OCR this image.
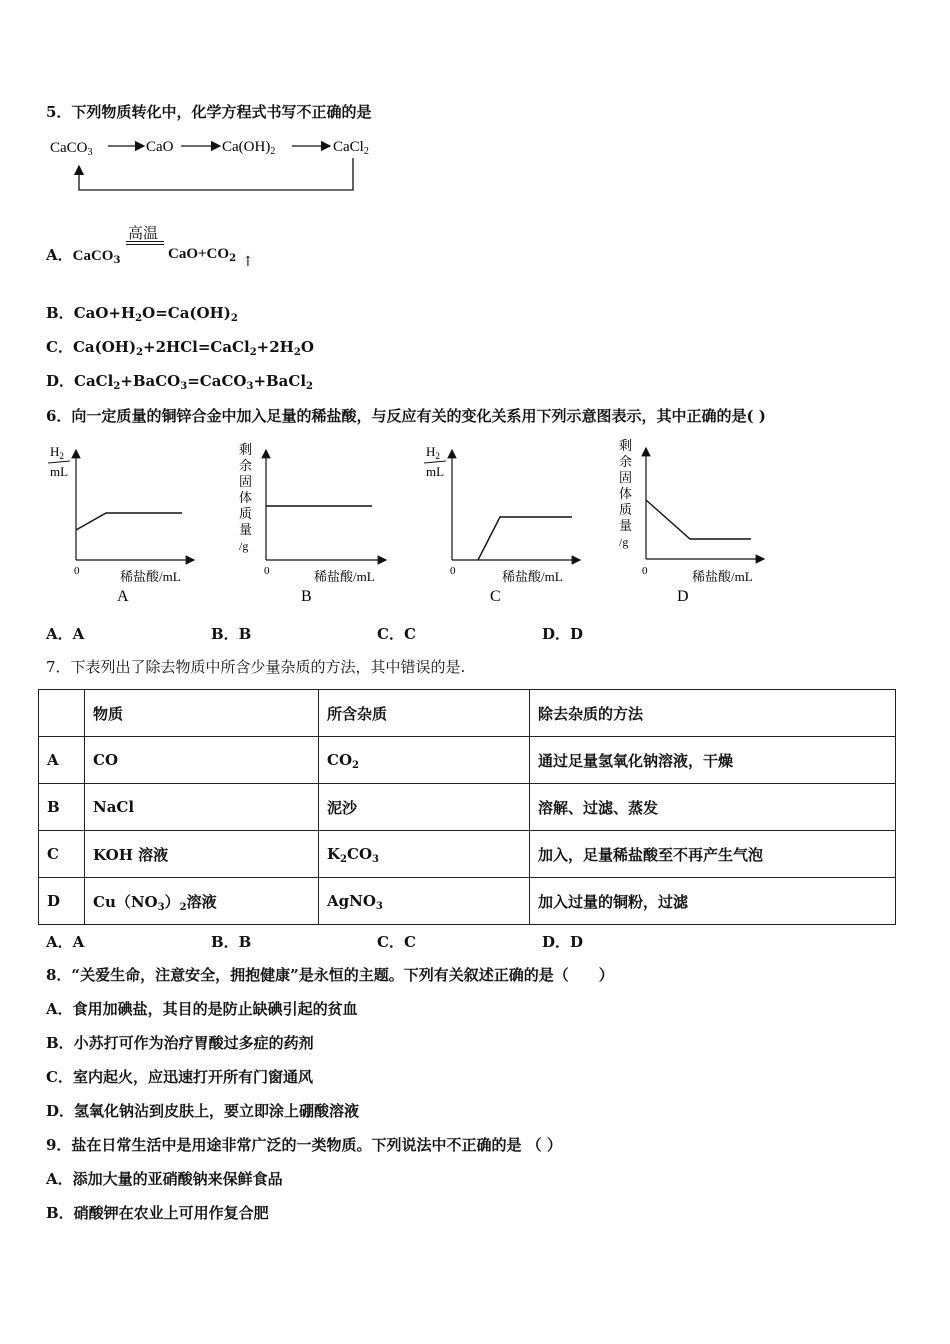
5．下列物质转化中，化学方程式书写不正确的是
CaCO$_3$	CaO	$Ca(OH)_2$	CaCl$_2$
A．CaCO$_3$
高温
$CaO+CO_2$ ↑
B．$CaO+H_2O=Ca(OH)_2$
C．$Ca(OH)_2+2HCl=CaCl_2+2H_2O$
D．CaCl$_2$+BaCO$_3$=CaCO$_3$+BaCl$_2$
6．向一定质量的铜锌合金中加入足量的稀盐酸，与反应有关的变化关系用下列示意图表示，其中正确的是( )
$H_2$
mL
0	稀盐酸/mL
A
剩
余
固
体
质
量
/g
0	稀盐酸/mL
B
$H_2$
mL
0	稀盐酸/mL
C
剩
余
固
体
质
量
/g
0	稀盐酸/mL
D
A．A	B．B	C．C	D．D
7．下表列出了除去物质中所含少量杂质的方法，其中错误的是.
	物质	所含杂质	除去杂质的方法
A	CO	$CO_2$	通过足量氢氧化钠溶液，干燥
B	NaCl	泥沙	溶解、过滤、蒸发
C	KOH 溶液	$K_2CO_3$	加入，足量稀盐酸至不再产生气泡
D	$Cu(NO_3)_2$溶液	AgNO$_3$	加入过量的铜粉，过滤
A．A	B．B	C．C	D．D
8．“关爱生命，注意安全，拥抱健康”是永恒的主题。下列有关叙述正确的是（　　）
A．食用加碘盐，其目的是防止缺碘引起的贫血
B．小苏打可作为治疗胃酸过多症的药剂
C．室内起火，应迅速打开所有门窗通风
D．氢氧化钠沾到皮肤上，要立即涂上硼酸溶液
9．盐在日常生活中是用途非常广泛的一类物质。下列说法中不正确的是 （ ）
A．添加大量的亚硝酸钠来保鲜食品
B．硝酸钾在农业上可用作复合肥
